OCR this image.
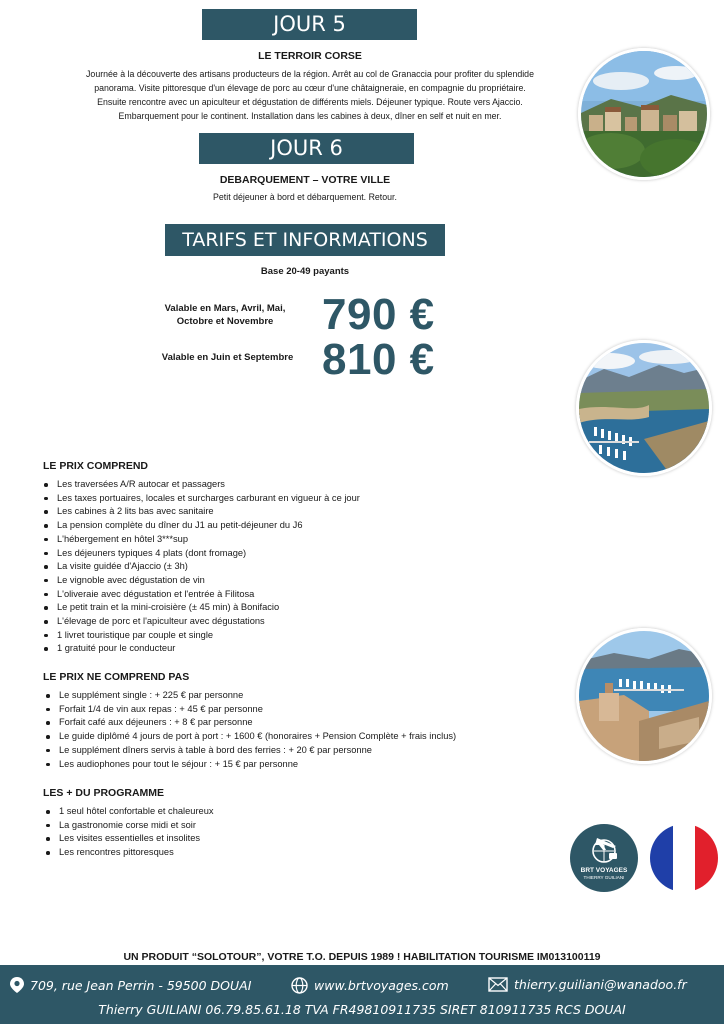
JOUR 5
LE TERROIR CORSE
Journée à la découverte des artisans producteurs de la région. Arrêt au col de Granaccia pour profiter du splendide
panorama. Visite pittoresque d'un élevage de porc au cœur d'une châtaigneraie, en compagnie du propriétaire.
Ensuite rencontre avec un apiculteur et dégustation de différents miels. Déjeuner typique. Route vers Ajaccio.
Embarquement pour le continent. Installation dans les cabines à deux, dîner en self et nuit en mer.
JOUR 6
DEBARQUEMENT – VOTRE VILLE
Petit déjeuner à bord et débarquement. Retour.
TARIFS ET INFORMATIONS
Base 20-49 payants
Valable en Mars, Avril, Mai,
Octobre et Novembre	790 €
Valable en Juin et Septembre 810 €
LE PRIX COMPREND
Les traversées A/R autocar et passagers
Les taxes portuaires, locales et surcharges carburant en vigueur à ce jour
Les cabines à 2 lits bas avec sanitaire
La pension complète du dîner du J1 au petit-déjeuner du J6
L'hébergement en hôtel 3***sup
Les déjeuners typiques 4 plats (dont fromage)
La visite guidée d'Ajaccio (± 3h)
Le vignoble avec dégustation de vin
L'oliveraie avec dégustation et l'entrée à Filitosa
Le petit train et la mini-croisière (± 45 min) à Bonifacio
L'élevage de porc et l'apiculteur avec dégustations
1 livret touristique par couple et single
1 gratuité pour le conducteur
LE PRIX NE COMPREND PAS
Le supplément single : + 225 € par personne
Forfait 1/4 de vin aux repas : + 45 € par personne
Forfait café aux déjeuners : + 8 € par personne
Le guide diplômé 4 jours de port à port : + 1600 € (honoraires + Pension Complète + frais inclus)
Le supplément dîners servis à table à bord des ferries : + 20 € par personne
Les audiophones pour tout le séjour : + 15 € par personne
LES + DU PROGRAMME
1 seul hôtel confortable et chaleureux
La gastronomie corse midi et soir
Les visites essentielles et insolites
Les rencontres pittoresques
BRT VOYAGES
THIERRY GUILIANI
UN PRODUIT “SOLOTOUR”, VOTRE T.O. DEPUIS 1989 ! HABILITATION TOURISME IM013100119
709, rue Jean Perrin - 59500 DOUAI	www.brtvoyages.com	thierry.guiliani@wanadoo.fr
Thierry GUILIANI 06.79.85.61.18 TVA FR49810911735 SIRET 810911735 RCS DOUAI
